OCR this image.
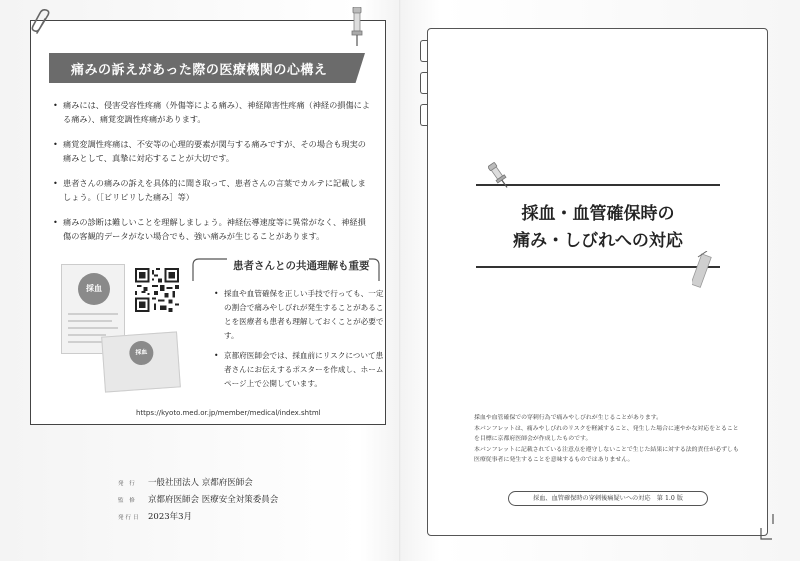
痛みの訴えがあった際の医療機関の心構え
• 痛みには、侵害受容性疼痛（外傷等による痛み）、神経障害性疼痛（神経の損傷による痛み）、痛覚変調性疼痛があります。
• 痛覚変調性疼痛は、不安等の心理的要素が関与する痛みですが、その場合も現実の痛みとして、真摯に対応することが大切です。
• 患者さんの痛みの訴えを具体的に聞き取って、患者さんの言葉でカルテに記載しましょう。（［ビリビリした痛み］等）
• 痛みの診断は難しいことを理解しましょう。神経伝導速度等に異常がなく、神経損傷の客観的データがない場合でも、強い痛みが生じることがあります。
採血
採血
患者さんとの共通理解も重要
• 採血や血管確保を正しい手技で行っても、一定の割合で痛みやしびれが発生することがあることを医療者も患者も理解しておくことが必要です。
• 京都府医師会では、採血前にリスクについて患者さんにお伝えするポスターを作成し、ホームページ上で公開しています。
https://kyoto.med.or.jp/member/medical/index.shtml
発 行	一般社団法人 京都府医師会
監 修	京都府医師会 医療安全対策委員会
発行日 2023年3月
採血・血管確保時の
痛み・しびれへの対応

採血や血管確保での穿刺行為で痛みやしびれが生じることがあります。

本パンフレットは、痛みやしびれのリスクを軽減すること、発生した場合に速やかな対応をとることを目標に京都府医師会が作成したものです。

本パンフレットに記載されている注意点を遵守しないことで生じた結果に対する法的責任が必ずしも医療従事者に発生することを意味するものではありません。

採血、血管確保時の穿刺後痛疑いへの対応　第 1.0 版
